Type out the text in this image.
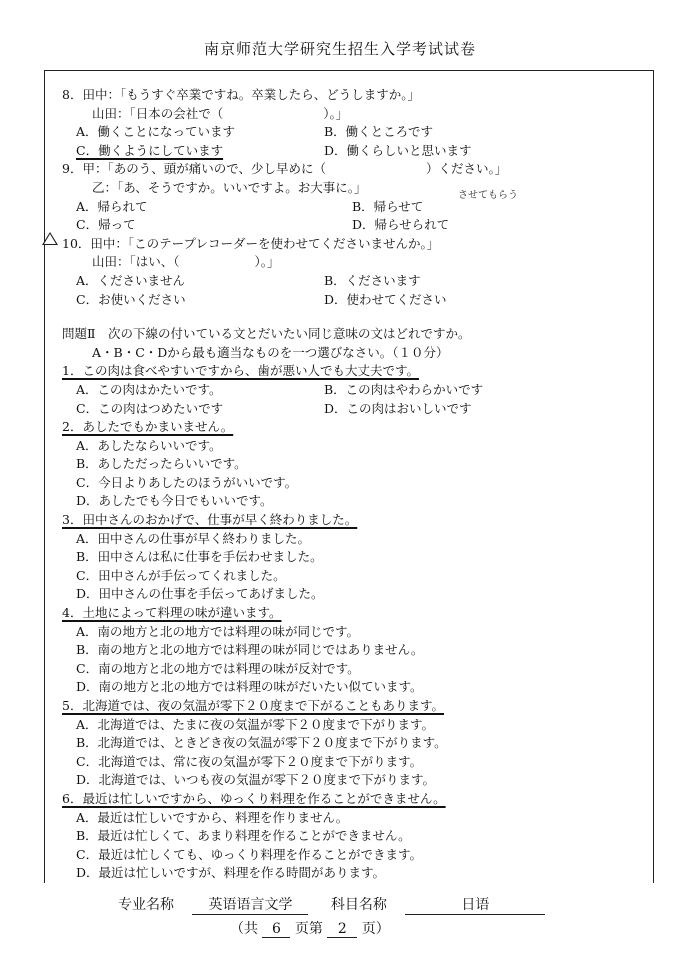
南京师范大学研究生招生入学考试试卷
させてもらう
8．田中：「もうすぐ卒業ですね。卒業したら、どうしますか。」
山田：「日本の会社で（　　　　　　　　）。」
A．働くことになっています	B．働くところです
C．働くようにしています	D．働くらしいと思います
9．甲：「あのう、頭が痛いので、少し早めに（　　　　　　　　）ください。」
乙：「あ、そうですか。いいですよ。お大事に。」
A．帰られて	B．帰らせて
C．帰って	D．帰らせられて
10．田中：「このテープレコーダーを使わせてくださいませんか。」
山田：「はい、（　　　　　　）。」
A．くださいません	B．くださいます
C．お使いください	D．使わせてください
問題Ⅱ　次の下線の付いている文とだいたい同じ意味の文はどれですか。
A・B・C・Dから最も適当なものを一つ選びなさい。（１０分）
1．この肉は食べやすいですから、歯が悪い人でも大丈夫です。
A．この肉はかたいです。	B．この肉はやわらかいです
C．この肉はつめたいです	D．この肉はおいしいです
2．あしたでもかまいません。
A．あしたならいいです。
B．あしただったらいいです。
C．今日よりあしたのほうがいいです。
D．あしたでも今日でもいいです。
3．田中さんのおかげで、仕事が早く終わりました。
A．田中さんの仕事が早く終わりました。
B．田中さんは私に仕事を手伝わせました。
C．田中さんが手伝ってくれました。
D．田中さんの仕事を手伝ってあげました。
4．土地によって料理の味が違います。
A．南の地方と北の地方では料理の味が同じです。
B．南の地方と北の地方では料理の味が同じではありません。
C．南の地方と北の地方では料理の味が反対です。
D．南の地方と北の地方では料理の味がだいたい似ています。
5．北海道では、夜の気温が零下２０度まで下がることもあります。
A．北海道では、たまに夜の気温が零下２０度まで下がります。
B．北海道では、ときどき夜の気温が零下２０度まで下がります。
C．北海道では、常に夜の気温が零下２０度まで下がります。
D．北海道では、いつも夜の気温が零下２０度まで下がります。
6．最近は忙しいですから、ゆっくり料理を作ることができません。
A．最近は忙しいですから、料理を作りません。
B．最近は忙しくて、あまり料理を作ることができません。
C．最近は忙しくても、ゆっくり料理を作ることができます。
D．最近は忙しいですが、料理を作る時間があります。
专业名称 英语语言文学	科目名称	日语
（共 6 页第 2 页）
